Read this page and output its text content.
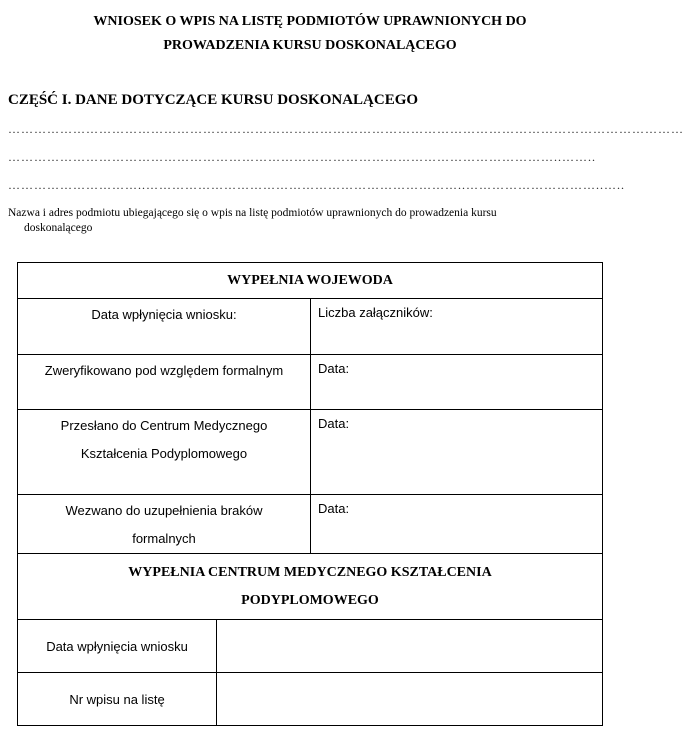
WNIOSEK O WPIS NA LISTĘ PODMIOTÓW UPRAWNIONYCH DO
PROWADZENIA KURSU DOSKONALĄCEGO
CZĘŚĆ I. DANE DOTYCZĄCE KURSU DOSKONALĄCEGO
…………………………………………………………………………………………………………………………………………
………………………………………………………………………………………………………………..……..
…………………………..………………………………………………………………..…………………………..…..
Nazwa i adres podmiotu ubiegającego się o wpis na listę podmiotów uprawnionych do prowadzenia kursu
doskonalącego
WYPEŁNIA WOJEWODA		
Data wpłynięcia wniosku:		Liczba załączników:
Zweryfikowano pod względem formalnym		Data:

Przesłano do Centrum Medycznego
Kształcenia Podyplomowego		Data:

Wezwano do uzupełnienia braków
formalnych		Data:

WYPEŁNIA CENTRUM MEDYCZNEGO KSZTAŁCENIA
PODYPLOMOWEGO		

Data wpłynięcia wniosku		
Nr wpisu na listę		
